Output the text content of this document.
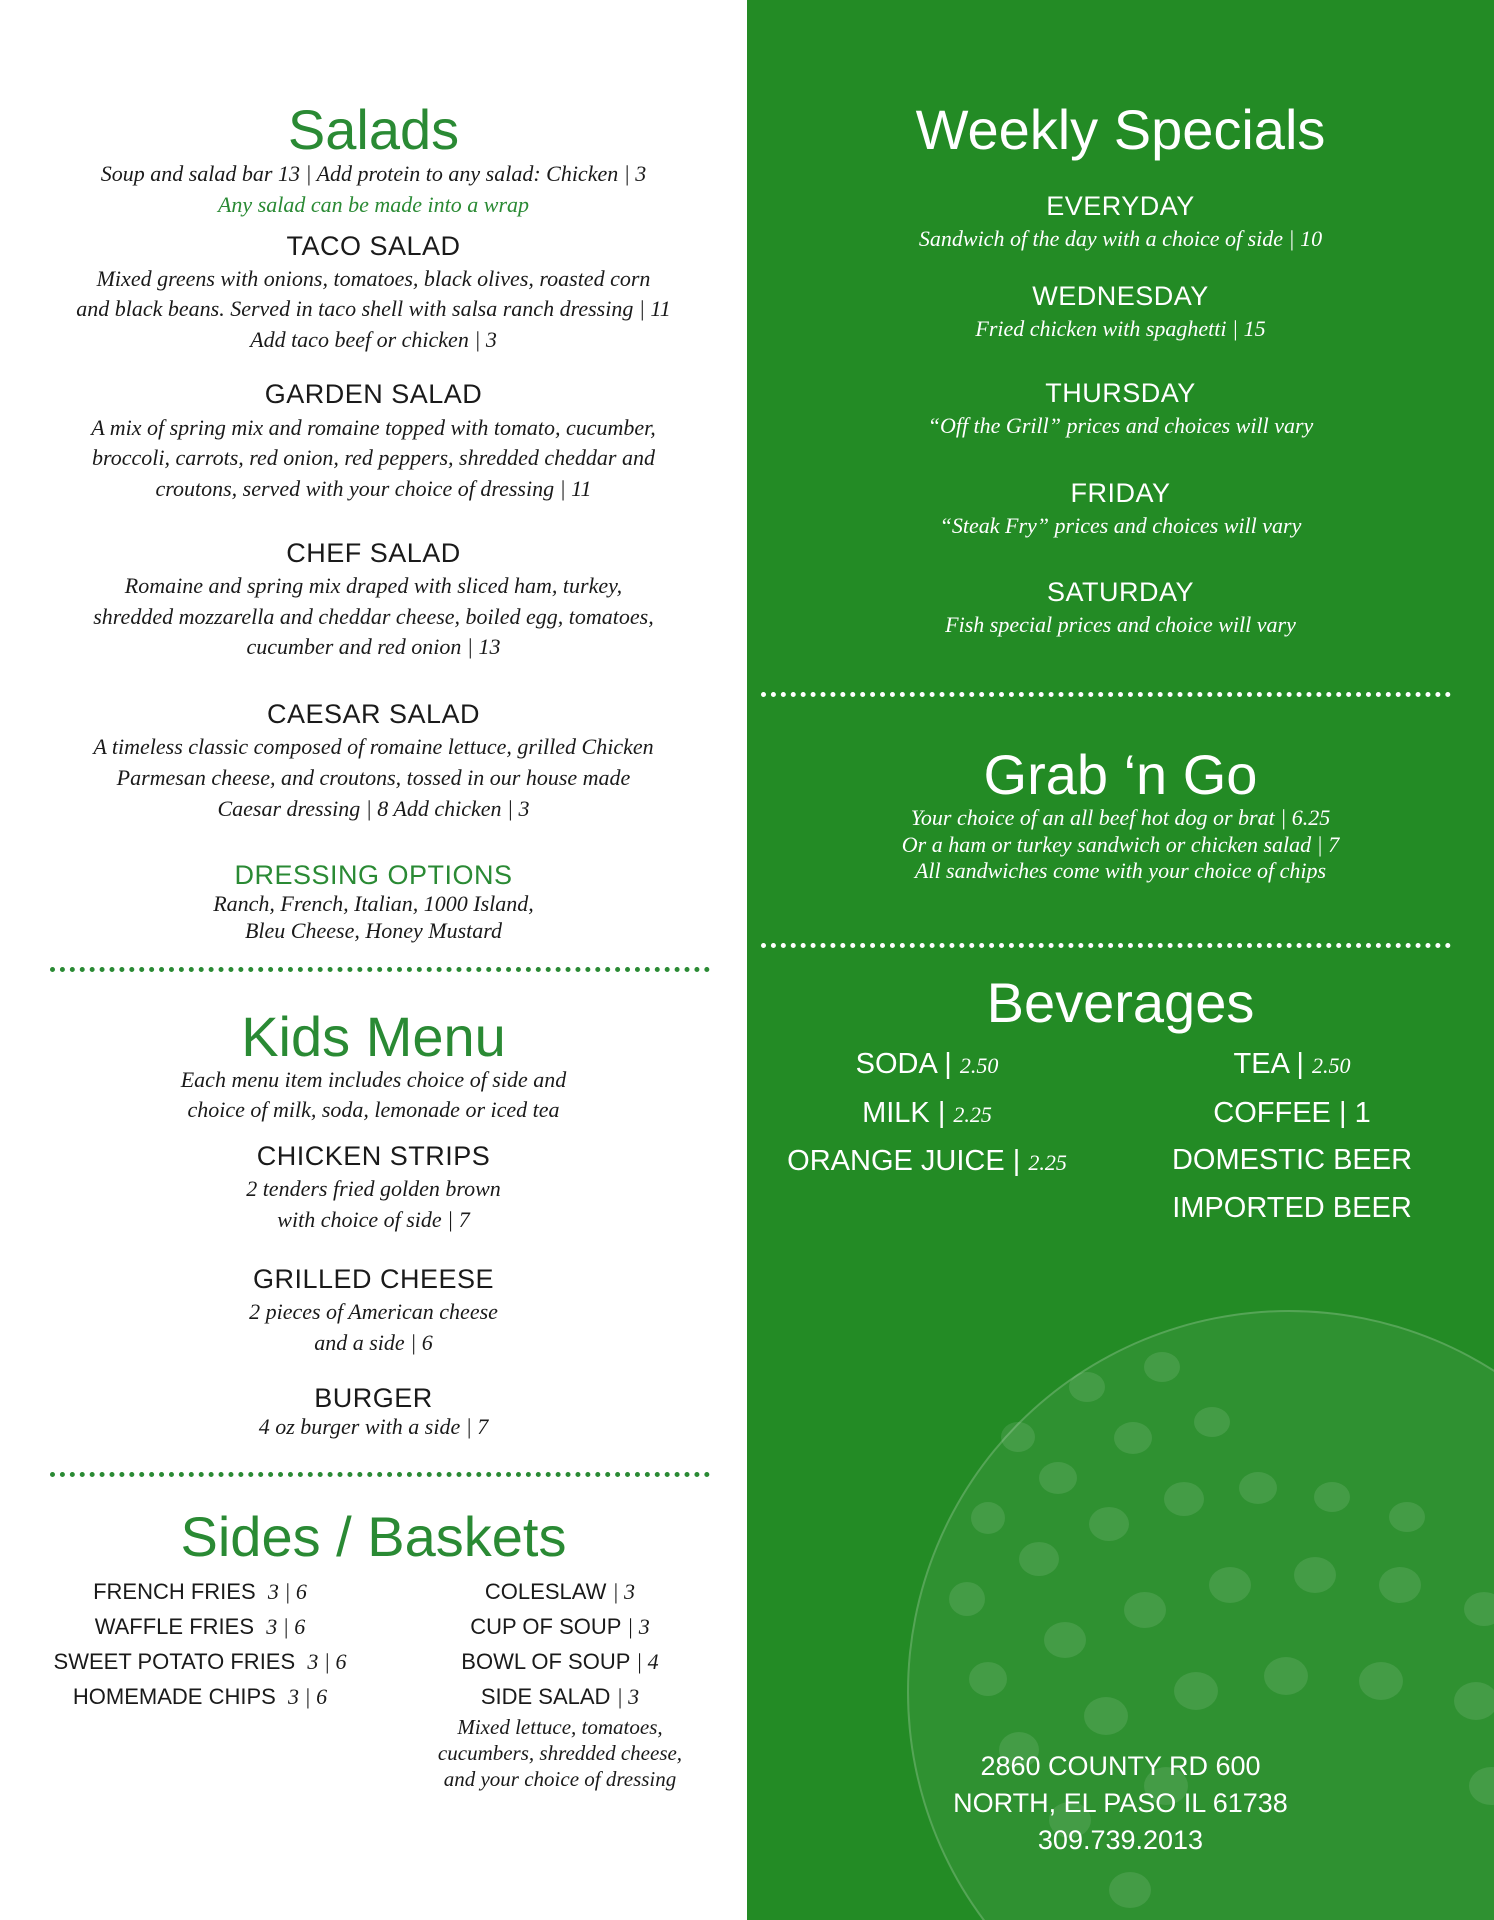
Salads
Soup and salad bar 13 | Add protein to any salad: Chicken | 3
Any salad can be made into a wrap
TACO SALAD
Mixed greens with onions, tomatoes, black olives, roasted corn
and black beans. Served in taco shell with salsa ranch dressing | 11
Add taco beef or chicken | 3
GARDEN SALAD
A mix of spring mix and romaine topped with tomato, cucumber,
broccoli, carrots, red onion, red peppers, shredded cheddar and
croutons, served with your choice of dressing | 11
CHEF SALAD
Romaine and spring mix draped with sliced ham, turkey,
shredded mozzarella and cheddar cheese, boiled egg, tomatoes,
cucumber and red onion | 13
CAESAR SALAD
A timeless classic composed of romaine lettuce, grilled Chicken
Parmesan cheese, and croutons, tossed in our house made
Caesar dressing | 8 Add chicken | 3
DRESSING OPTIONS
Ranch, French, Italian, 1000 Island,
Bleu Cheese, Honey Mustard
Kids Menu
Each menu item includes choice of side and
choice of milk, soda, lemonade or iced tea
CHICKEN STRIPS
2 tenders fried golden brown
with choice of side | 7
GRILLED CHEESE
2 pieces of American cheese
and a side | 6
BURGER
4 oz burger with a side | 7
Sides / Baskets
FRENCH FRIES 3 | 6
WAFFLE FRIES 3 | 6
SWEET POTATO FRIES 3 | 6
HOMEMADE CHIPS 3 | 6
COLESLAW | 3
CUP OF SOUP | 3
BOWL OF SOUP | 4
SIDE SALAD | 3
Mixed lettuce, tomatoes,
cucumbers, shredded cheese,
and your choice of dressing
Weekly Specials
EVERYDAY
Sandwich of the day with a choice of side | 10
WEDNESDAY
Fried chicken with spaghetti | 15
THURSDAY
“Off the Grill” prices and choices will vary
FRIDAY
“Steak Fry” prices and choices will vary
SATURDAY
Fish special prices and choice will vary
Grab ‘n Go
Your choice of an all beef hot dog or brat | 6.25
Or a ham or turkey sandwich or chicken salad | 7
All sandwiches come with your choice of chips
Beverages
SODA | 2.50
MILK | 2.25
ORANGE JUICE | 2.25
TEA | 2.50
COFFEE | 1
DOMESTIC BEER
IMPORTED BEER
2860 COUNTY RD 600
NORTH, EL PASO IL 61738
309.739.2013
